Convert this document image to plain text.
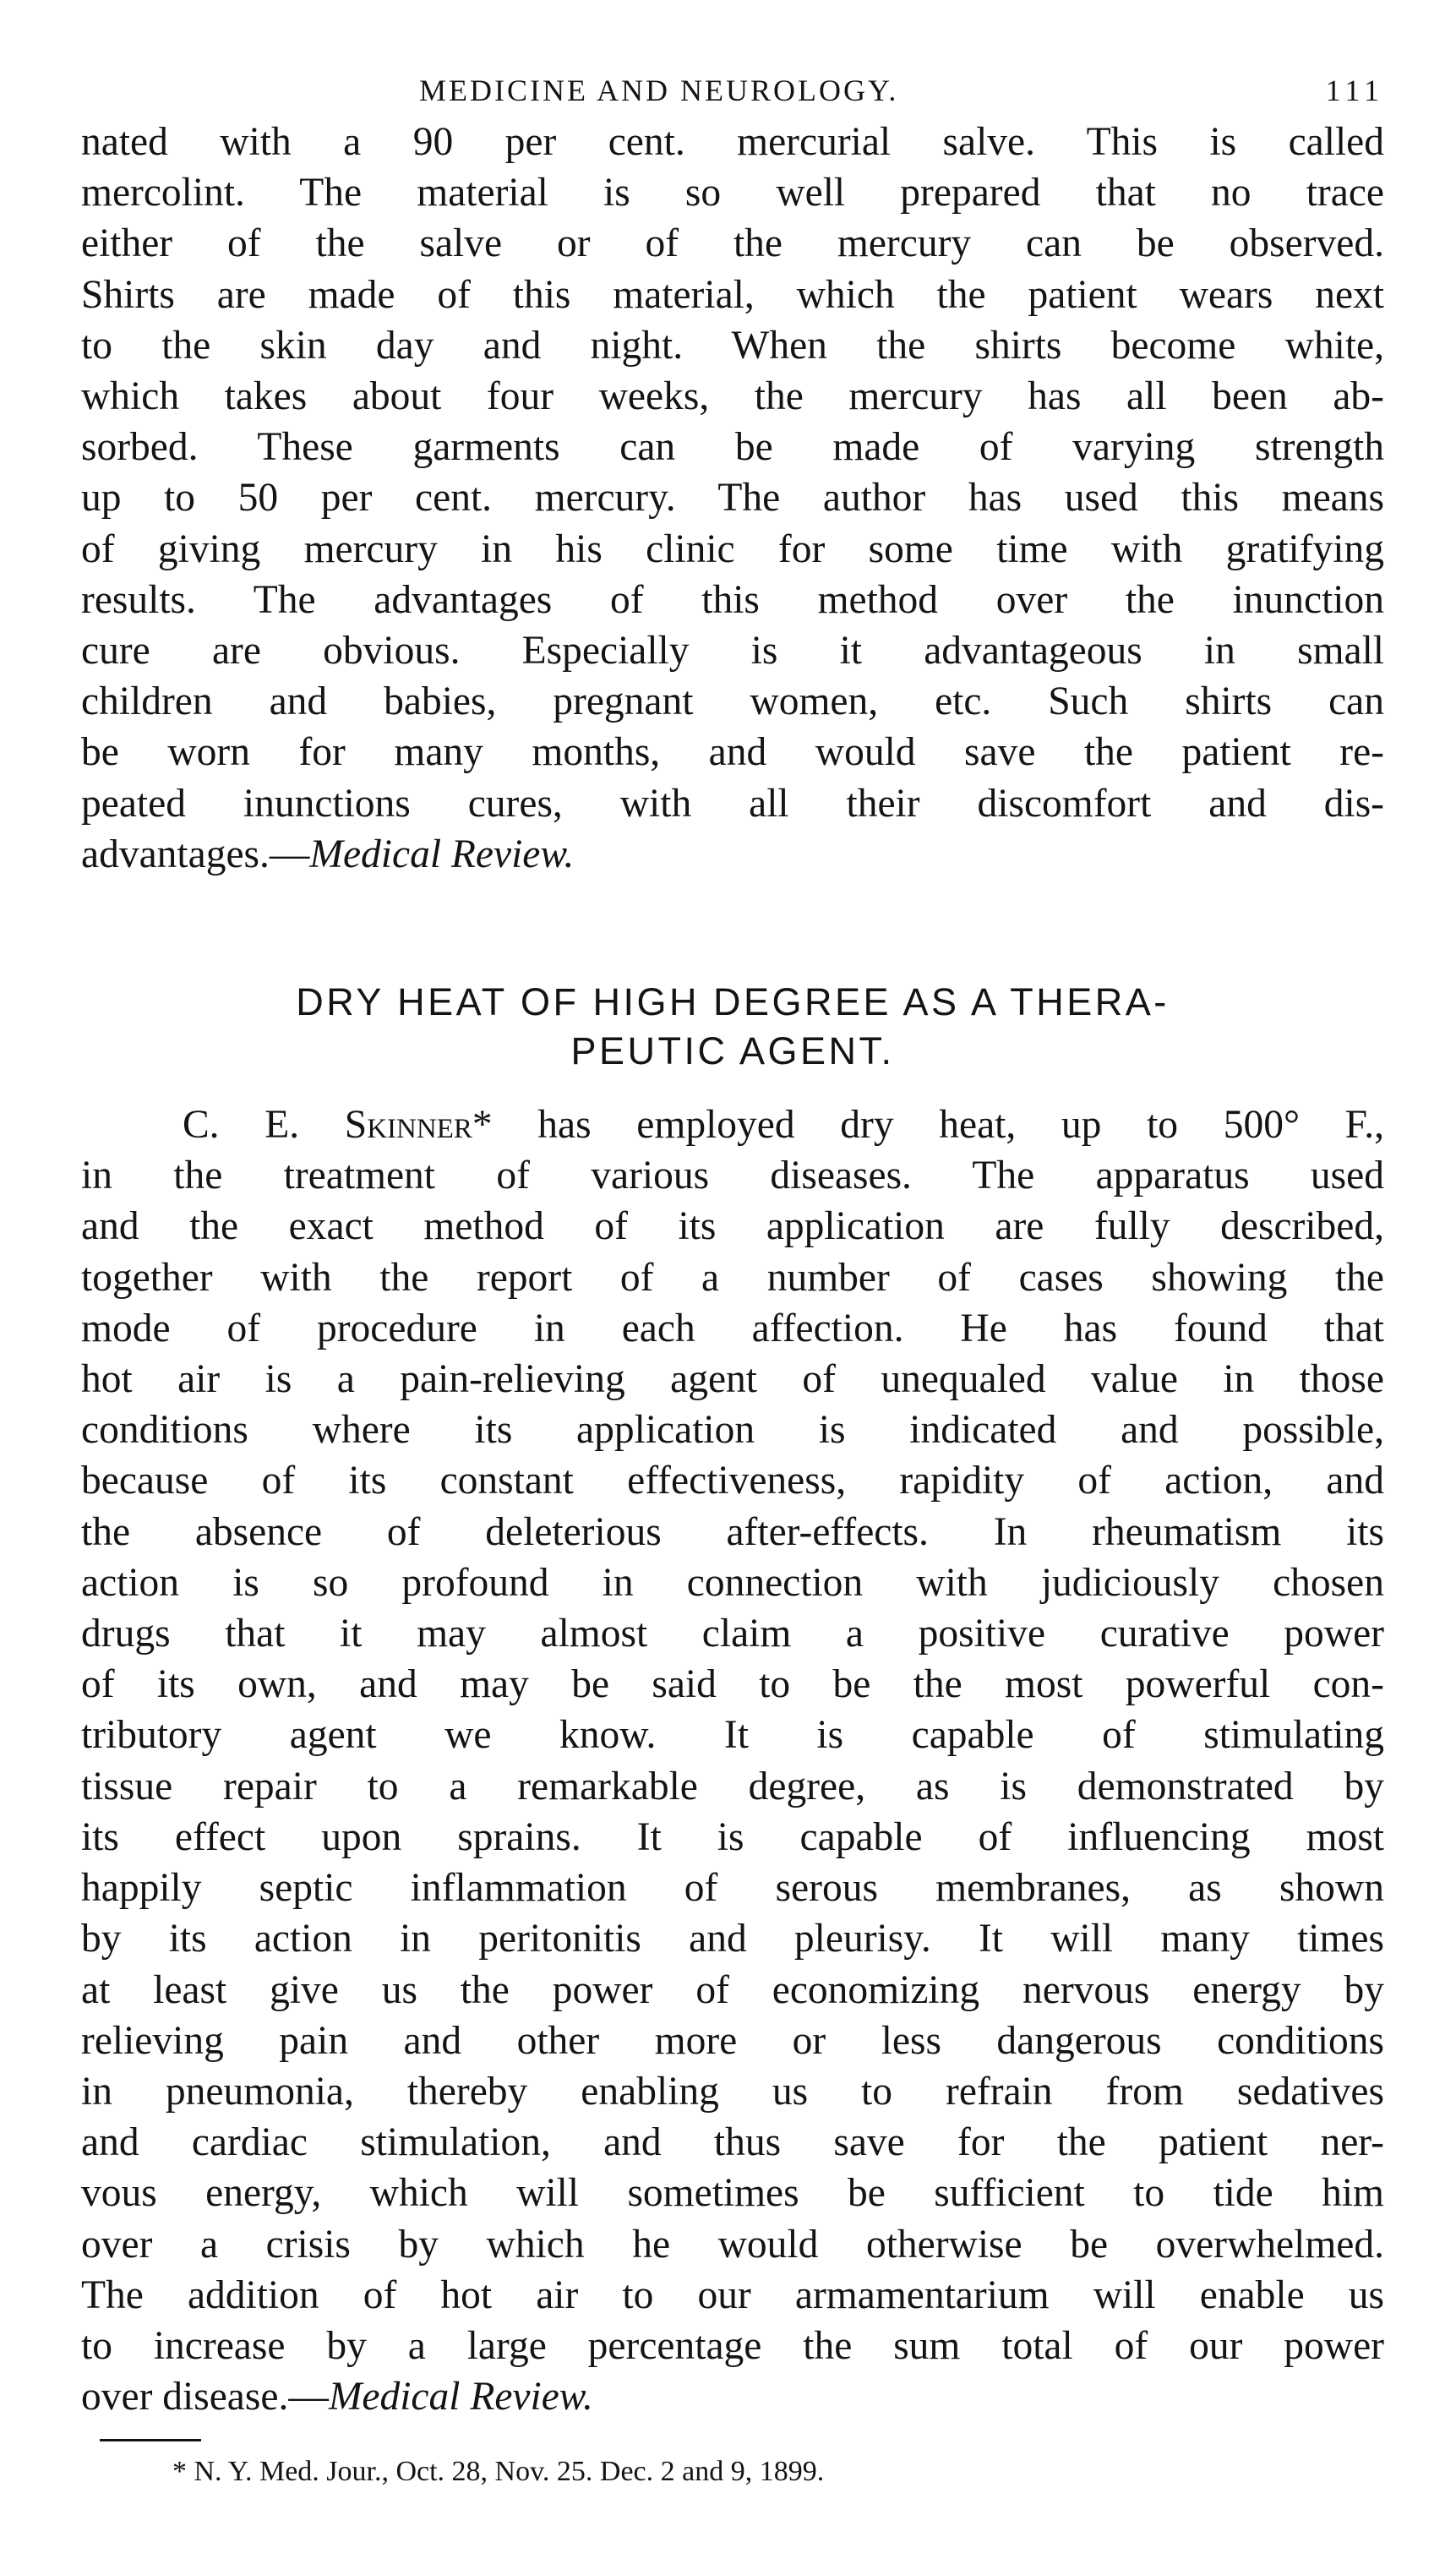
MEDICINE AND NEUROLOGY.	111
nated with a 90 per cent. mercurial salve. This is called
mercolint. The material is so well prepared that no trace
either of the salve or of the mercury can be observed.
Shirts are made of this material, which the patient wears next
to the skin day and night. When the shirts become white,
which takes about four weeks, the mercury has all been ab-
sorbed. These garments can be made of varying strength
up to 50 per cent. mercury. The author has used this means
of giving mercury in his clinic for some time with gratifying
results. The advantages of this method over the inunction
cure are obvious. Especially is it advantageous in small
children and babies, pregnant women, etc. Such shirts can
be worn for many months, and would save the patient re-
peated inunctions cures, with all their discomfort and dis-
advantages.—Medical Review.
DRY HEAT OF HIGH DEGREE AS A THERA-
PEUTIC AGENT.
C. E. Skinner* has employed dry heat, up to 500° F.,
in the treatment of various diseases. The apparatus used
and the exact method of its application are fully described,
together with the report of a number of cases showing the
mode of procedure in each affection. He has found that
hot air is a pain-relieving agent of unequaled value in those
conditions where its application is indicated and possible,
because of its constant effectiveness, rapidity of action, and
the absence of deleterious after-effects. In rheumatism its
action is so profound in connection with judiciously chosen
drugs that it may almost claim a positive curative power
of its own, and may be said to be the most powerful con-
tributory agent we know. It is capable of stimulating
tissue repair to a remarkable degree, as is demonstrated by
its effect upon sprains. It is capable of influencing most
happily septic inflammation of serous membranes, as shown
by its action in peritonitis and pleurisy. It will many times
at least give us the power of economizing nervous energy by
relieving pain and other more or less dangerous conditions
in pneumonia, thereby enabling us to refrain from sedatives
and cardiac stimulation, and thus save for the patient ner-
vous energy, which will sometimes be sufficient to tide him
over a crisis by which he would otherwise be overwhelmed.
The addition of hot air to our armamentarium will enable us
to increase by a large percentage the sum total of our power
over disease.—Medical Review.

* N. Y. Med. Jour., Oct. 28, Nov. 25. Dec. 2 and 9, 1899.
